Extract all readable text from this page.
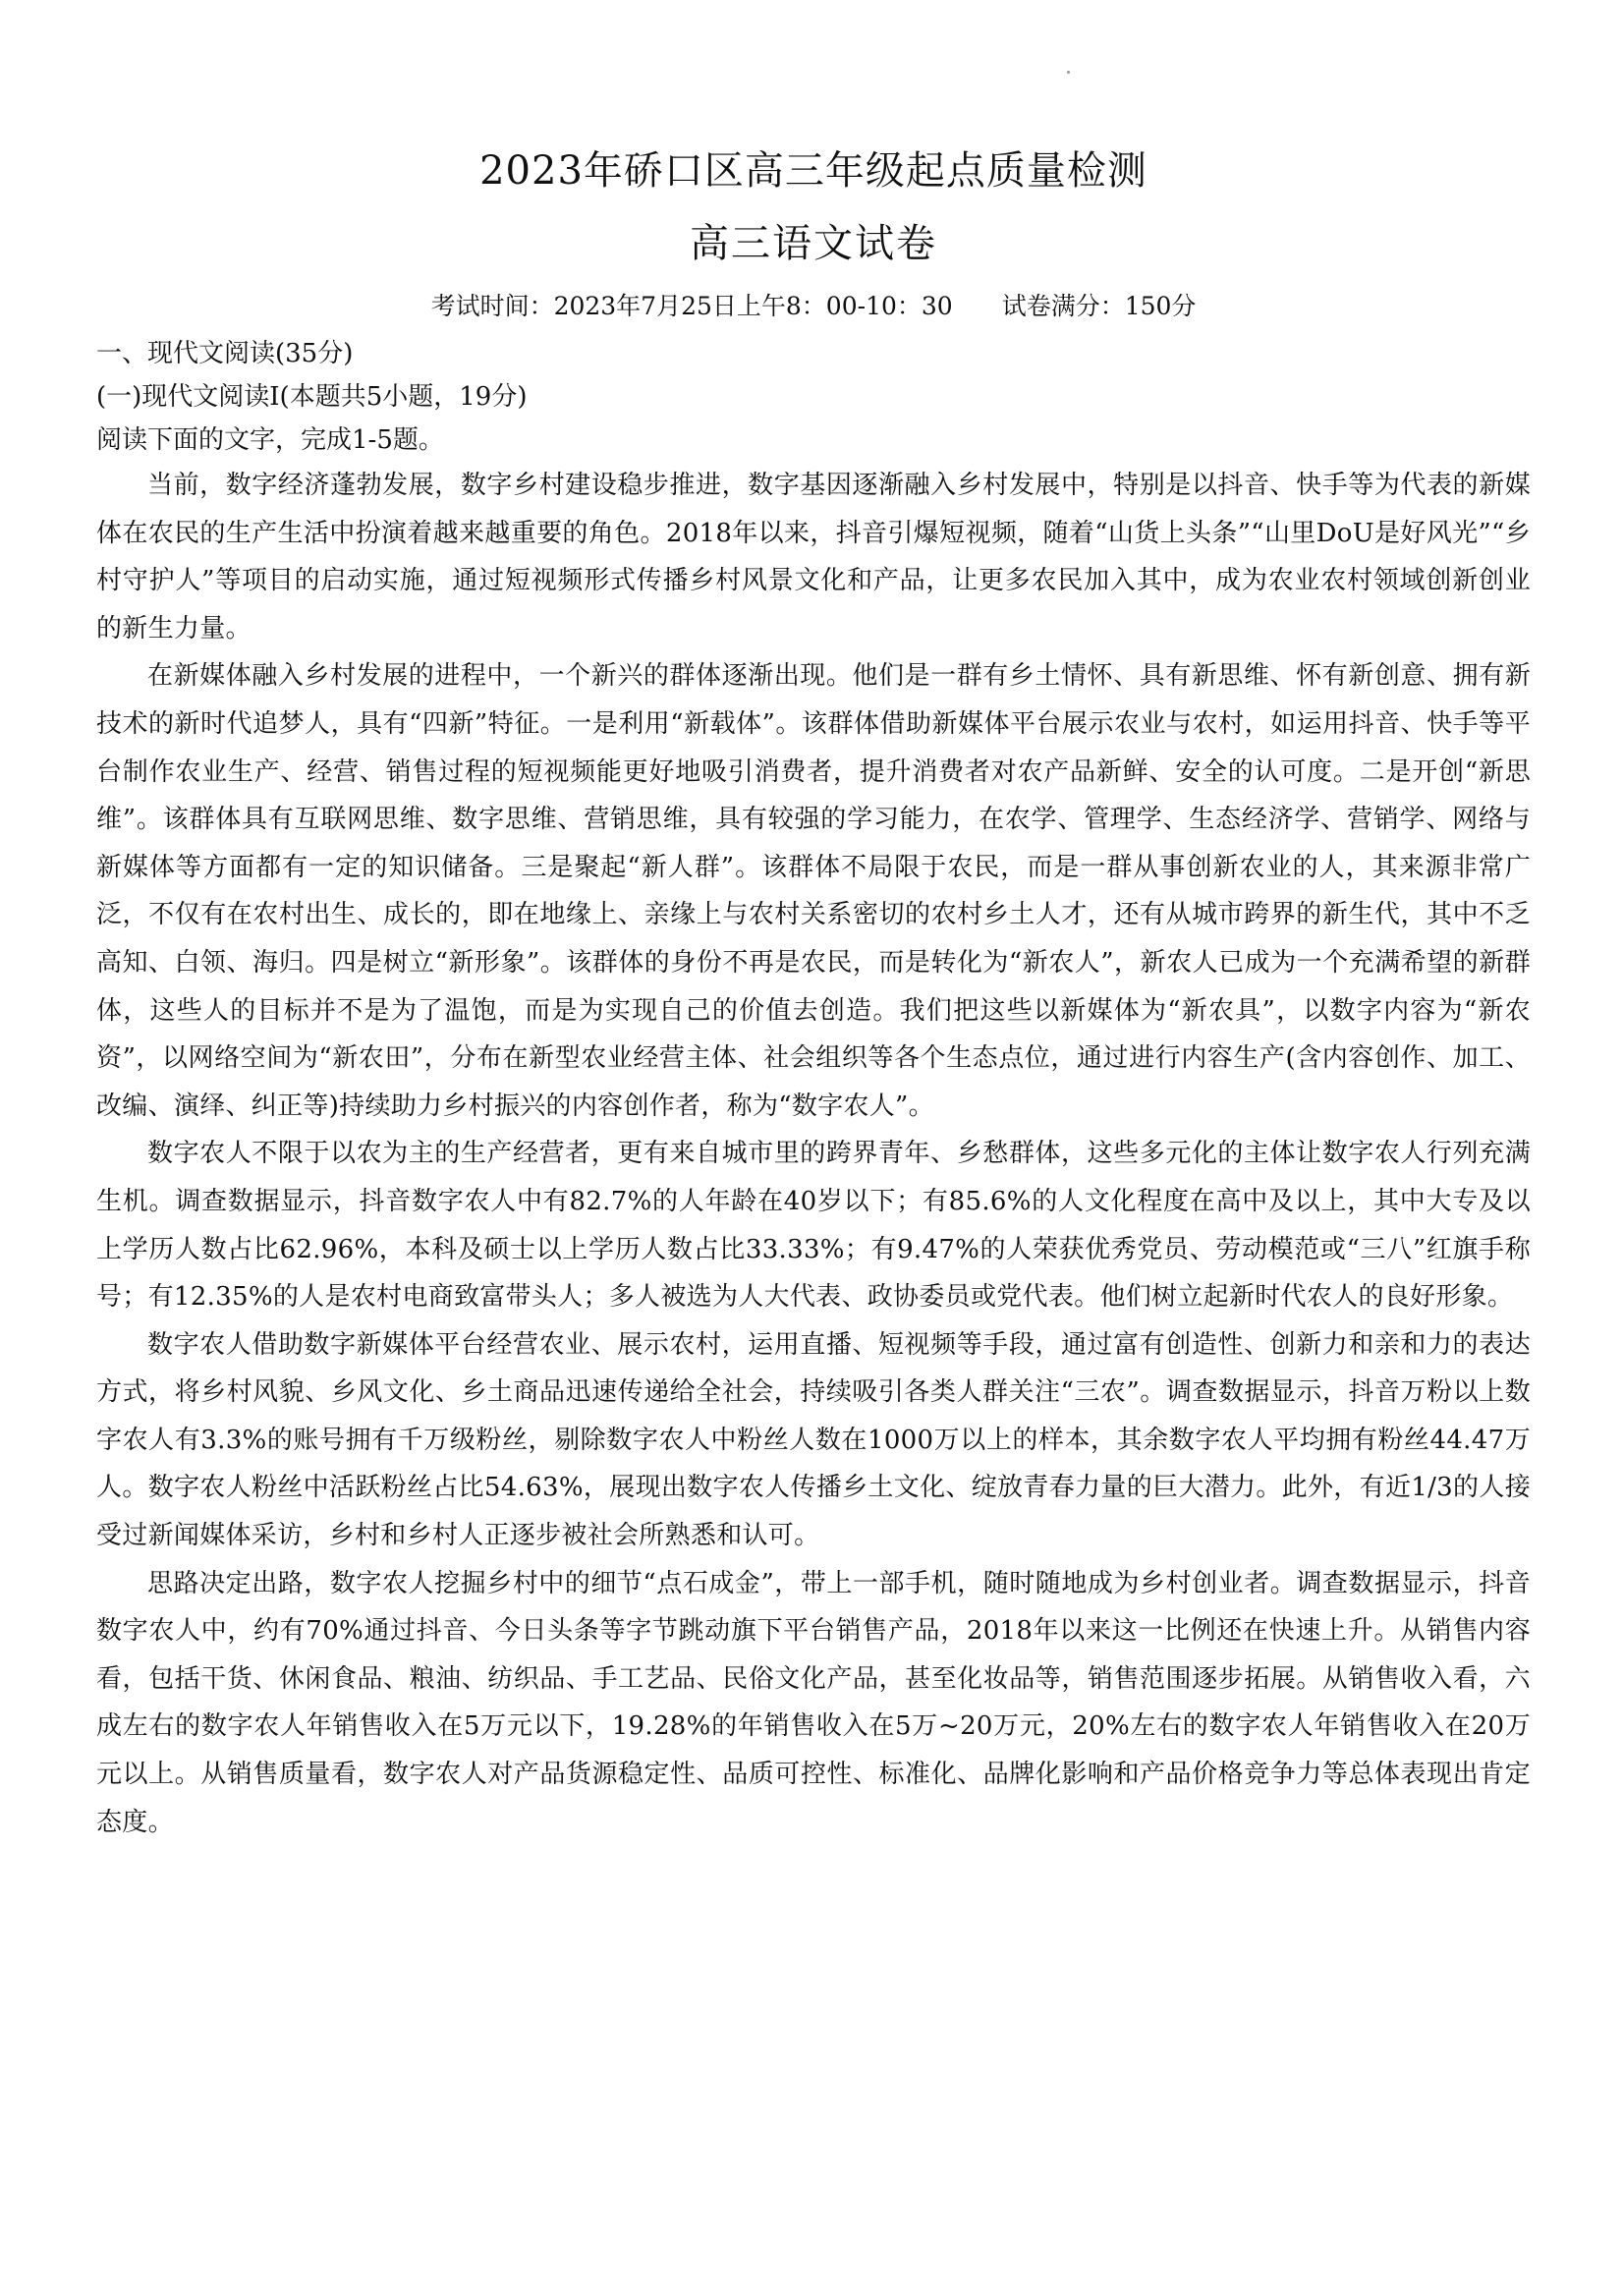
2023年硚口区高三年级起点质量检测
高三语文试卷
考试时间：2023年7月25日上午8：00-10：30 试卷满分：150分

一、现代文阅读(35分)

(一)现代文阅读Ⅰ(本题共5小题，19分)

阅读下面的文字，完成1-5题。

当前，数字经济蓬勃发展，数字乡村建设稳步推进，数字基因逐渐融入乡村发展中，特别是以抖音、快手等为代表的新媒体在农民的生产生活中扮演着越来越重要的角色。2018年以来，抖音引爆短视频，随着“山货上头条”“山里DoU是好风光”“乡村守护人”等项目的启动实施，通过短视频形式传播乡村风景文化和产品，让更多农民加入其中，成为农业农村领域创新创业的新生力量。

在新媒体融入乡村发展的进程中，一个新兴的群体逐渐出现。他们是一群有乡土情怀、具有新思维、怀有新创意、拥有新技术的新时代追梦人，具有“四新”特征。一是利用“新载体”。该群体借助新媒体平台展示农业与农村，如运用抖音、快手等平台制作农业生产、经营、销售过程的短视频能更好地吸引消费者，提升消费者对农产品新鲜、安全的认可度。二是开创“新思维”。该群体具有互联网思维、数字思维、营销思维，具有较强的学习能力，在农学、管理学、生态经济学、营销学、网络与新媒体等方面都有一定的知识储备。三是聚起“新人群”。该群体不局限于农民，而是一群从事创新农业的人，其来源非常广泛，不仅有在农村出生、成长的，即在地缘上、亲缘上与农村关系密切的农村乡土人才，还有从城市跨界的新生代，其中不乏高知、白领、海归。四是树立“新形象”。该群体的身份不再是农民，而是转化为“新农人”，新农人已成为一个充满希望的新群体，这些人的目标并不是为了温饱，而是为实现自己的价值去创造。我们把这些以新媒体为“新农具”，以数字内容为“新农资”，以网络空间为“新农田”，分布在新型农业经营主体、社会组织等各个生态点位，通过进行内容生产(含内容创作、加工、改编、演绎、纠正等)持续助力乡村振兴的内容创作者，称为“数字农人”。

数字农人不限于以农为主的生产经营者，更有来自城市里的跨界青年、乡愁群体，这些多元化的主体让数字农人行列充满生机。调查数据显示，抖音数字农人中有82.7%的人年龄在40岁以下；有85.6%的人文化程度在高中及以上，其中大专及以上学历人数占比62.96%，本科及硕士以上学历人数占比33.33%；有9.47%的人荣获优秀党员、劳动模范或“三八”红旗手称号；有12.35%的人是农村电商致富带头人；多人被选为人大代表、政协委员或党代表。他们树立起新时代农人的良好形象。

数字农人借助数字新媒体平台经营农业、展示农村，运用直播、短视频等手段，通过富有创造性、创新力和亲和力的表达方式，将乡村风貌、乡风文化、乡土商品迅速传递给全社会，持续吸引各类人群关注“三农”。调查数据显示，抖音万粉以上数字农人有3.3%的账号拥有千万级粉丝，剔除数字农人中粉丝人数在1000万以上的样本，其余数字农人平均拥有粉丝44.47万人。数字农人粉丝中活跃粉丝占比54.63%，展现出数字农人传播乡土文化、绽放青春力量的巨大潜力。此外，有近1/3的人接受过新闻媒体采访，乡村和乡村人正逐步被社会所熟悉和认可。

思路决定出路，数字农人挖掘乡村中的细节“点石成金”，带上一部手机，随时随地成为乡村创业者。调查数据显示，抖音数字农人中，约有70%通过抖音、今日头条等字节跳动旗下平台销售产品，2018年以来这一比例还在快速上升。从销售内容看，包括干货、休闲食品、粮油、纺织品、手工艺品、民俗文化产品，甚至化妆品等，销售范围逐步拓展。从销售收入看，六成左右的数字农人年销售收入在5万元以下，19.28%的年销售收入在5万~20万元，20%左右的数字农人年销售收入在20万元以上。从销售质量看，数字农人对产品货源稳定性、品质可控性、标准化、品牌化影响和产品价格竞争力等总体表现出肯定态度。
